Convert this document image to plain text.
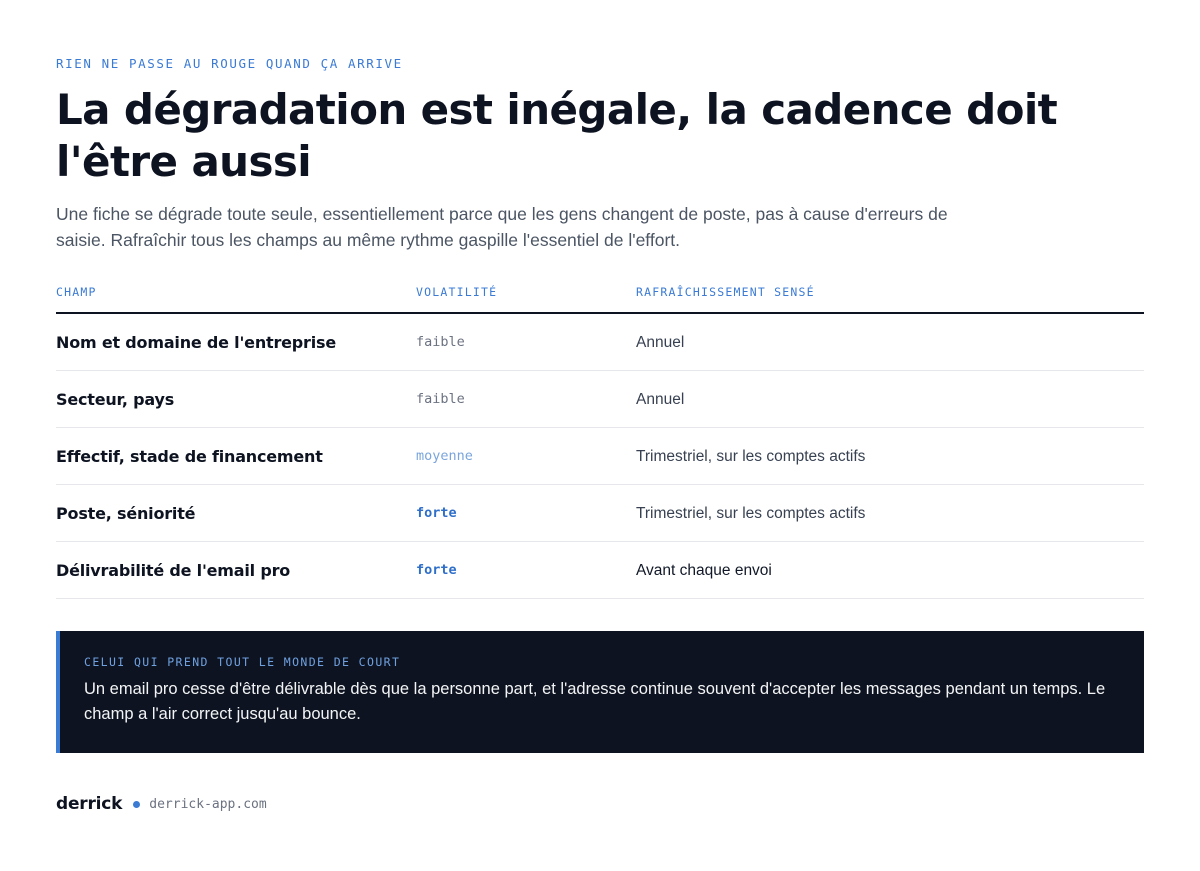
RIEN NE PASSE AU ROUGE QUAND ÇA ARRIVE
La dégradation est inégale, la cadence doit l'être aussi

Une fiche se dégrade toute seule, essentiellement parce que les gens changent de poste, pas à cause d'erreurs de saisie. Rafraîchir tous les champs au même rythme gaspille l'essentiel de l'effort.

CHAMP	VOLATILITÉ	RAFRAÎCHISSEMENT SENSÉ
Nom et domaine de l'entreprise	faible	Annuel
Secteur, pays	faible	Annuel
Effectif, stade de financement	moyenne	Trimestriel, sur les comptes actifs
Poste, séniorité	forte	Trimestriel, sur les comptes actifs
Délivrabilité de l'email pro	forte	Avant chaque envoi
CELUI QUI PREND TOUT LE MONDE DE COURT

Un email pro cesse d'être délivrable dès que la personne part, et l'adresse continue souvent d'accepter les messages pendant un temps. Le champ a l'air correct jusqu'au bounce.

derrick derrick-app.com
